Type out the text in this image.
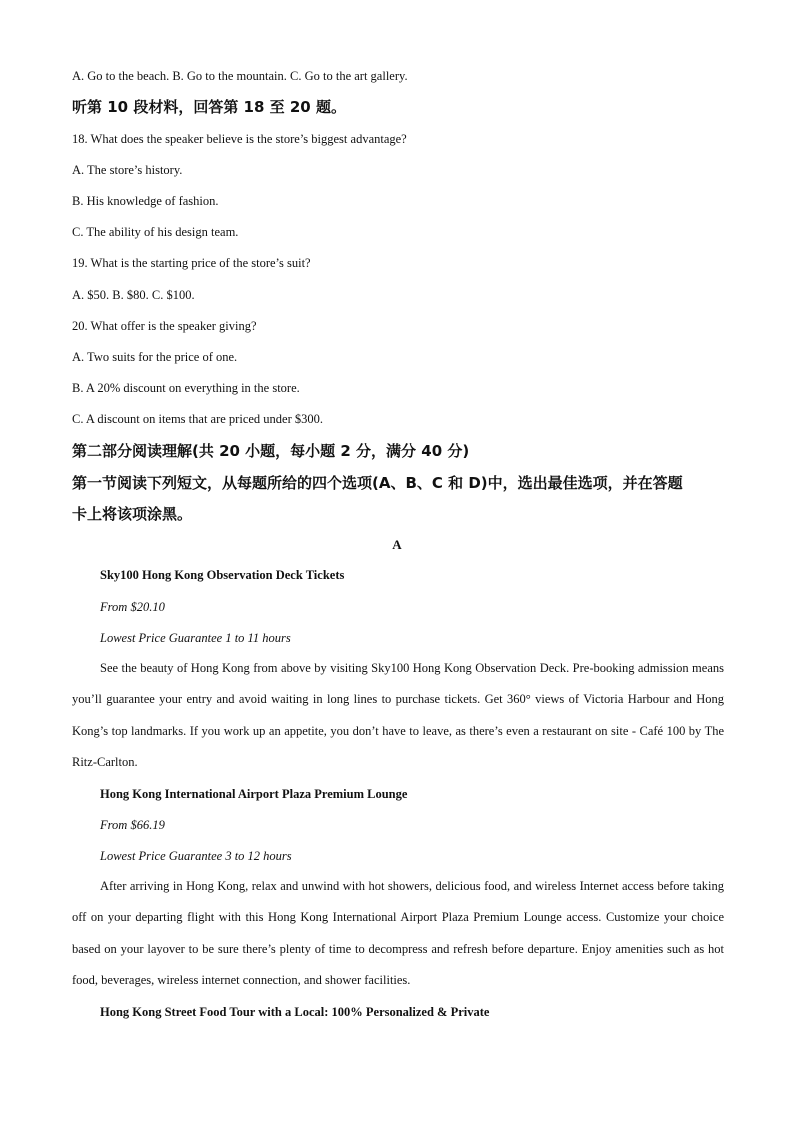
A. Go to the beach. B. Go to the mountain. C. Go to the art gallery.
听第 10 段材料，回答第 18 至 20 题。
18. What does the speaker believe is the store’s biggest advantage?
A. The store’s history.
B. His knowledge of fashion.
C. The ability of his design team.
19. What is the starting price of the store’s suit?
A. $50. B. $80. C. $100.
20. What offer is the speaker giving?
A. Two suits for the price of one.
B. A 20% discount on everything in the store.
C. A discount on items that are priced under $300.
第二部分阅读理解(共 20 小题，每小题 2 分，满分 40 分)
第一节阅读下列短文，从每题所给的四个选项(A、B、C 和 D)中，选出最佳选项，并在答题
卡上将该项涂黑。
A
Sky100 Hong Kong Observation Deck Tickets
From $20.10
Lowest Price Guarantee 1 to 11 hours
See the beauty of Hong Kong from above by visiting Sky100 Hong Kong Observation Deck. Pre-booking admission means you’ll guarantee your entry and avoid waiting in long lines to purchase tickets. Get 360° views of Victoria Harbour and Hong Kong’s top landmarks. If you work up an appetite, you don’t have to leave, as there’s even a restaurant on site - Café 100 by The Ritz-Carlton.
Hong Kong International Airport Plaza Premium Lounge
From $66.19
Lowest Price Guarantee 3 to 12 hours
After arriving in Hong Kong, relax and unwind with hot showers, delicious food, and wireless Internet access before taking off on your departing flight with this Hong Kong International Airport Plaza Premium Lounge access. Customize your choice based on your layover to be sure there’s plenty of time to decompress and refresh before departure. Enjoy amenities such as hot food, beverages, wireless internet connection, and shower facilities.
Hong Kong Street Food Tour with a Local: 100% Personalized & Private
